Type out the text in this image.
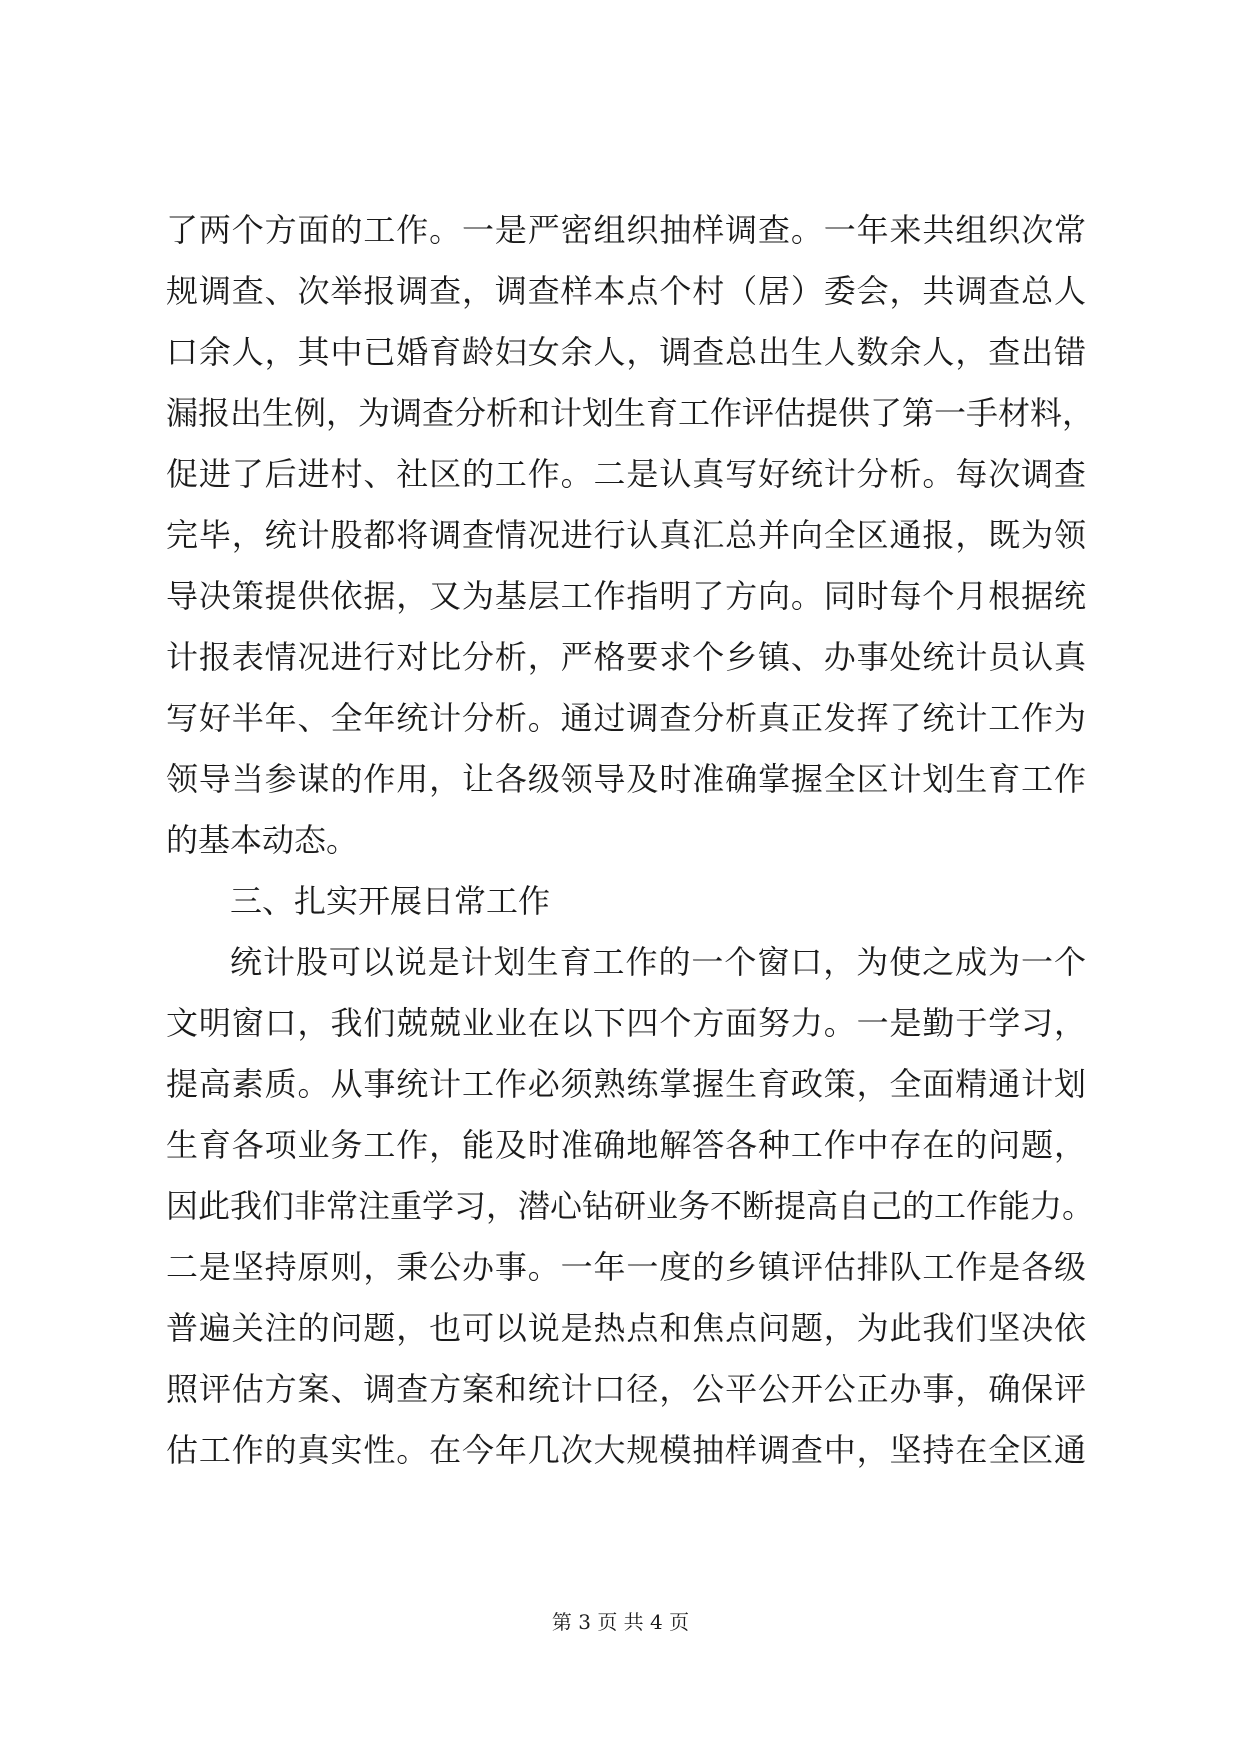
了两个方面的工作。一是严密组织抽样调查。一年来共组织次常
规调查、次举报调查，调查样本点个村（居）委会，共调查总人
口余人，其中已婚育龄妇女余人，调查总出生人数余人，查出错
漏报出生例，为调查分析和计划生育工作评估提供了第一手材料，
促进了后进村、社区的工作。二是认真写好统计分析。每次调查
完毕，统计股都将调查情况进行认真汇总并向全区通报，既为领
导决策提供依据，又为基层工作指明了方向。同时每个月根据统
计报表情况进行对比分析，严格要求个乡镇、办事处统计员认真
写好半年、全年统计分析。通过调查分析真正发挥了统计工作为
领导当参谋的作用，让各级领导及时准确掌握全区计划生育工作
的基本动态。
三、扎实开展日常工作
统计股可以说是计划生育工作的一个窗口，为使之成为一个
文明窗口，我们兢兢业业在以下四个方面努力。一是勤于学习，
提高素质。从事统计工作必须熟练掌握生育政策，全面精通计划
生育各项业务工作，能及时准确地解答各种工作中存在的问题，
因此我们非常注重学习，潜心钻研业务不断提高自己的工作能力。
二是坚持原则，秉公办事。一年一度的乡镇评估排队工作是各级
普遍关注的问题，也可以说是热点和焦点问题，为此我们坚决依
照评估方案、调查方案和统计口径，公平公开公正办事，确保评
估工作的真实性。在今年几次大规模抽样调查中，坚持在全区通
第 3 页 共 4 页
